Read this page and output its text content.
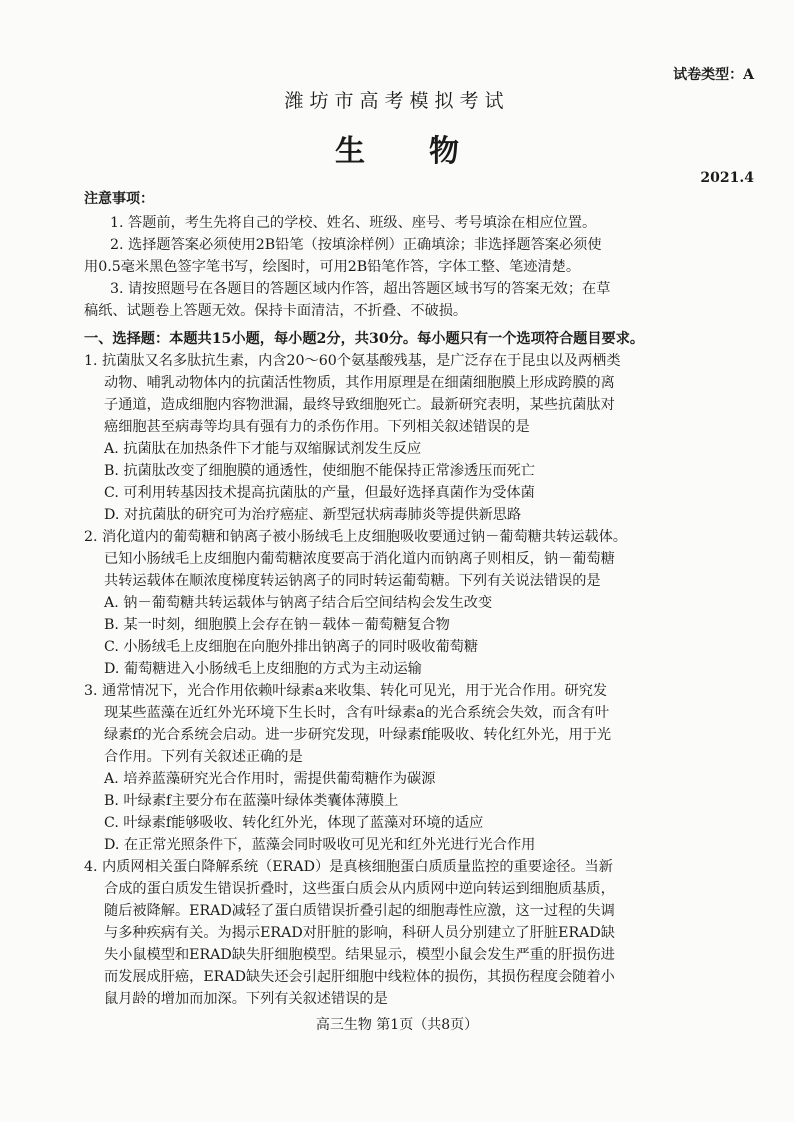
试卷类型：A
潍坊市高考模拟考试
生物
2021.4
注意事项：
1. 答题前，考生先将自己的学校、姓名、班级、座号、考号填涂在相应位置。
2. 选择题答案必须使用2B铅笔（按填涂样例）正确填涂；非选择题答案必须使
用0.5毫米黑色签字笔书写，绘图时，可用2B铅笔作答，字体工整、笔迹清楚。
3. 请按照题号在各题目的答题区域内作答，超出答题区域书写的答案无效；在草
稿纸、试题卷上答题无效。保持卡面清洁，不折叠、不破损。
一、选择题：本题共15小题，每小题2分，共30分。每小题只有一个选项符合题目要求。
1. 抗菌肽又名多肽抗生素，内含20～60个氨基酸残基，是广泛存在于昆虫以及两栖类
动物、哺乳动物体内的抗菌活性物质，其作用原理是在细菌细胞膜上形成跨膜的离
子通道，造成细胞内容物泄漏，最终导致细胞死亡。最新研究表明，某些抗菌肽对
癌细胞甚至病毒等均具有强有力的杀伤作用。下列相关叙述错误的是
A. 抗菌肽在加热条件下才能与双缩脲试剂发生反应
B. 抗菌肽改变了细胞膜的通透性，使细胞不能保持正常渗透压而死亡
C. 可利用转基因技术提高抗菌肽的产量，但最好选择真菌作为受体菌
D. 对抗菌肽的研究可为治疗癌症、新型冠状病毒肺炎等提供新思路
2. 消化道内的葡萄糖和钠离子被小肠绒毛上皮细胞吸收要通过钠－葡萄糖共转运载体。
已知小肠绒毛上皮细胞内葡萄糖浓度要高于消化道内而钠离子则相反，钠－葡萄糖
共转运载体在顺浓度梯度转运钠离子的同时转运葡萄糖。下列有关说法错误的是
A. 钠－葡萄糖共转运载体与钠离子结合后空间结构会发生改变
B. 某一时刻，细胞膜上会存在钠－载体－葡萄糖复合物
C. 小肠绒毛上皮细胞在向胞外排出钠离子的同时吸收葡萄糖
D. 葡萄糖进入小肠绒毛上皮细胞的方式为主动运输
3. 通常情况下，光合作用依赖叶绿素a来收集、转化可见光，用于光合作用。研究发
现某些蓝藻在近红外光环境下生长时，含有叶绿素a的光合系统会失效，而含有叶
绿素f的光合系统会启动。进一步研究发现，叶绿素f能吸收、转化红外光，用于光
合作用。下列有关叙述正确的是
A. 培养蓝藻研究光合作用时，需提供葡萄糖作为碳源
B. 叶绿素f主要分布在蓝藻叶绿体类囊体薄膜上
C. 叶绿素f能够吸收、转化红外光，体现了蓝藻对环境的适应
D. 在正常光照条件下，蓝藻会同时吸收可见光和红外光进行光合作用
4. 内质网相关蛋白降解系统（ERAD）是真核细胞蛋白质质量监控的重要途径。当新
合成的蛋白质发生错误折叠时，这些蛋白质会从内质网中逆向转运到细胞质基质，
随后被降解。ERAD减轻了蛋白质错误折叠引起的细胞毒性应激，这一过程的失调
与多种疾病有关。为揭示ERAD对肝脏的影响，科研人员分别建立了肝脏ERAD缺
失小鼠模型和ERAD缺失肝细胞模型。结果显示，模型小鼠会发生严重的肝损伤进
而发展成肝癌，ERAD缺失还会引起肝细胞中线粒体的损伤，其损伤程度会随着小
鼠月龄的增加而加深。下列有关叙述错误的是
高三生物 第1页（共8页）
